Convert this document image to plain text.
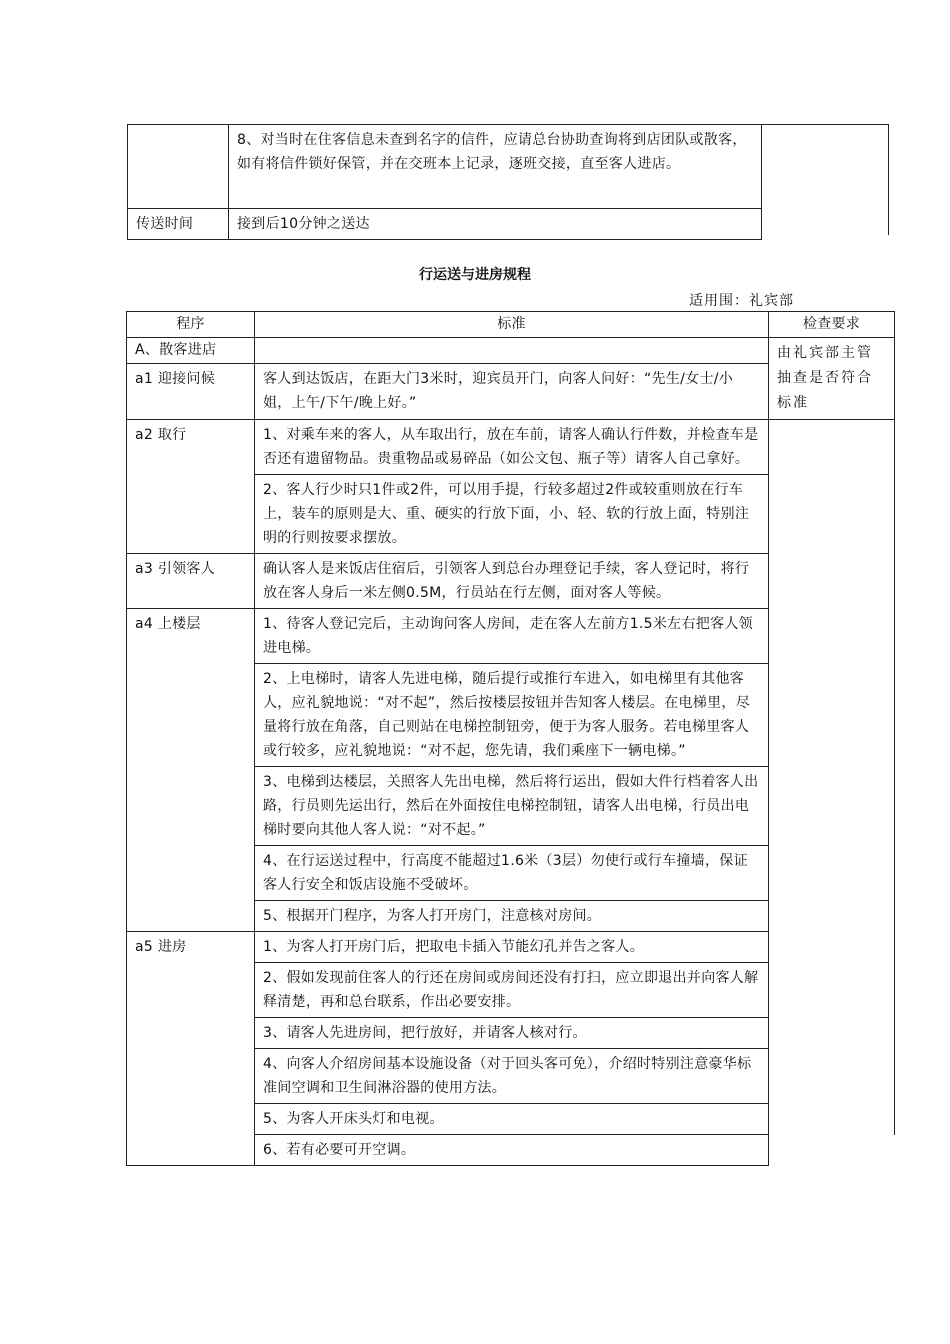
	8、对当时在住客信息未查到名字的信件，应请总台协助查询将到店团队或散客，如有将信件锁好保管，并在交班本上记录，逐班交接，直至客人进店。
传送时间	接到后10分钟之送达
行运送与进房规程
适用围：礼宾部
程序	标准	检查要求
A、散客进店		由礼宾部主管抽查是否符合标准
a1 迎接问候	客人到达饭店，在距大门3米时，迎宾员开门，向客人问好：“先生/女士/小姐，上午/下午/晚上好。”	
a2 取行	1、对乘车来的客人，从车取出行，放在车前，请客人确认行件数，并检查车是否还有遗留物品。贵重物品或易碎品（如公文包、瓶子等）请客人自己拿好。	
	2、客人行少时只1件或2件，可以用手提，行较多超过2件或较重则放在行车上，装车的原则是大、重、硬实的行放下面，小、轻、软的行放上面，特别注明的行则按要求摆放。	
a3 引领客人	确认客人是来饭店住宿后，引领客人到总台办理登记手续，客人登记时，将行放在客人身后一米左侧0.5M，行员站在行左侧，面对客人等候。	
a4 上楼层	1、待客人登记完后，主动询问客人房间，走在客人左前方1.5米左右把客人领进电梯。	
	2、上电梯时，请客人先进电梯，随后提行或推行车进入，如电梯里有其他客人，应礼貌地说：“对不起”，然后按楼层按钮并告知客人楼层。在电梯里，尽量将行放在角落，自己则站在电梯控制钮旁，便于为客人服务。若电梯里客人或行较多，应礼貌地说：“对不起，您先请，我们乘座下一辆电梯。”	
	3、电梯到达楼层，关照客人先出电梯，然后将行运出，假如大件行档着客人出路，行员则先运出行，然后在外面按住电梯控制钮，请客人出电梯，行员出电梯时要向其他人客人说：“对不起。”	
	4、在行运送过程中，行高度不能超过1.6米（3层）勿使行或行车撞墙，保证客人行安全和饭店设施不受破坏。	
	5、根据开门程序，为客人打开房门，注意核对房间。	
a5 进房	1、为客人打开房门后，把取电卡插入节能幻孔并告之客人。	
	2、假如发现前住客人的行还在房间或房间还没有打扫，应立即退出并向客人解释清楚，再和总台联系，作出必要安排。	
	3、请客人先进房间，把行放好，并请客人核对行。	
	4、向客人介绍房间基本设施设备（对于回头客可免），介绍时特别注意豪华标准间空调和卫生间淋浴器的使用方法。	
	5、为客人开床头灯和电视。	
	6、若有必要可开空调。	
